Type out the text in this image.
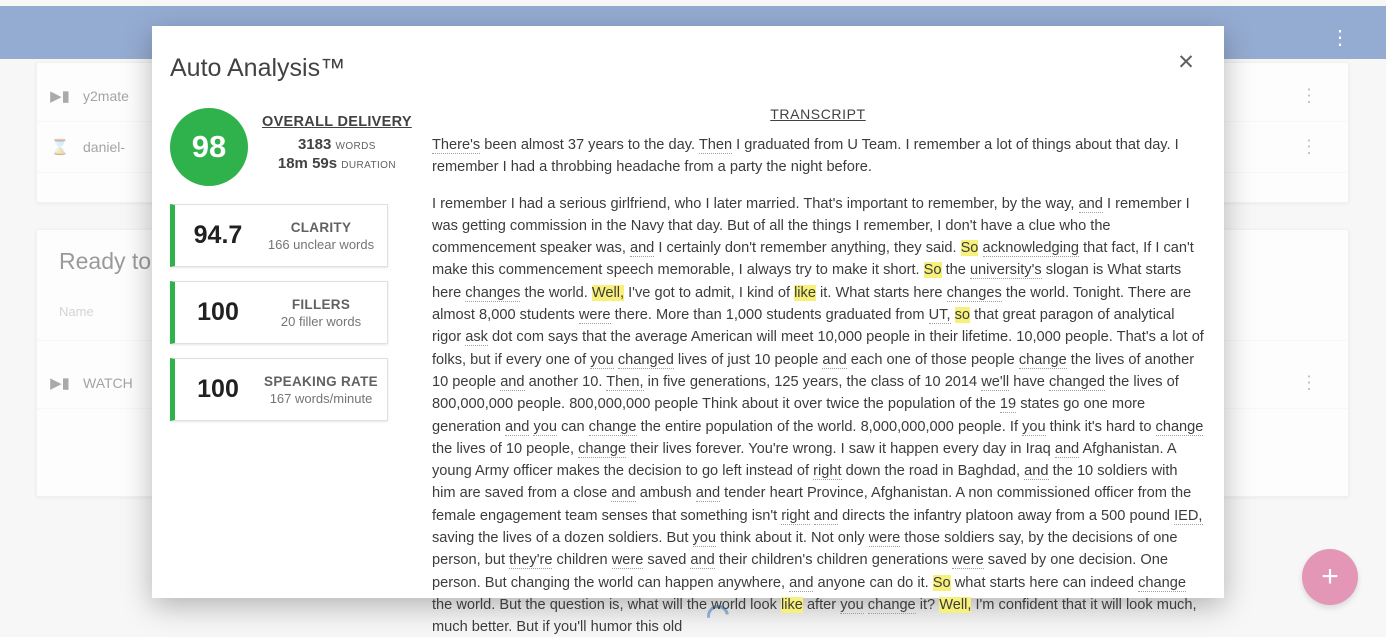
Auto Analysis™	✕
98
OVERALL DELIVERY
3183 WORDS
18m 59s DURATION
94.7	CLARITY
166 unclear words
100	FILLERS
20 filler words
100	SPEAKING RATE
167 words/minute
TRANSCRIPT

There's been almost 37 years to the day. Then I graduated from U Team. I remember a lot of things about that day. I remember I had a throbbing headache from a party the night before.

I remember I had a serious girlfriend, who I later married. That's important to remember, by the way, and I remember I was getting commission in the Navy that day. But of all the things I remember, I don't have a clue who the commencement speaker was, and I certainly don't remember anything, they said. So acknowledging that fact, If I can't make this commencement speech memorable, I always try to make it short. So the university's slogan is What starts here changes the world. Well, I've got to admit, I kind of like it. What starts here changes the world. Tonight. There are almost 8,000 students were there. More than 1,000 students graduated from UT, so that great paragon of analytical rigor ask dot com says that the average American will meet 10,000 people in their lifetime. 10,000 people. That's a lot of folks, but if every one of you changed lives of just 10 people and each one of those people change the lives of another 10 people and another 10. Then, in five generations, 125 years, the class of 10 2014 we'll have changed the lives of 800,000,000 people. 800,000,000 people Think about it over twice the population of the 19 states go one more generation and you can change the entire population of the world. 8,000,000,000 people. If you think it's hard to change the lives of 10 people, change their lives forever. You're wrong. I saw it happen every day in Iraq and Afghanistan. A young Army officer makes the decision to go left instead of right down the road in Baghdad, and the 10 soldiers with him are saved from a close and ambush and tender heart Province, Afghanistan. A non commissioned officer from the female engagement team senses that something isn't right and directs the infantry platoon away from a 500 pound IED, saving the lives of a dozen soldiers. But you think about it. Not only were those soldiers say, by the decisions of one person, but they're children were saved and their children's children generations were saved by one decision. One person. But changing the world can happen anywhere, and anyone can do it. So what starts here can indeed change the world. But the question is, what will the world look like after you change it? Well, I'm confident that it will look much, much better. But if you'll humor this old
